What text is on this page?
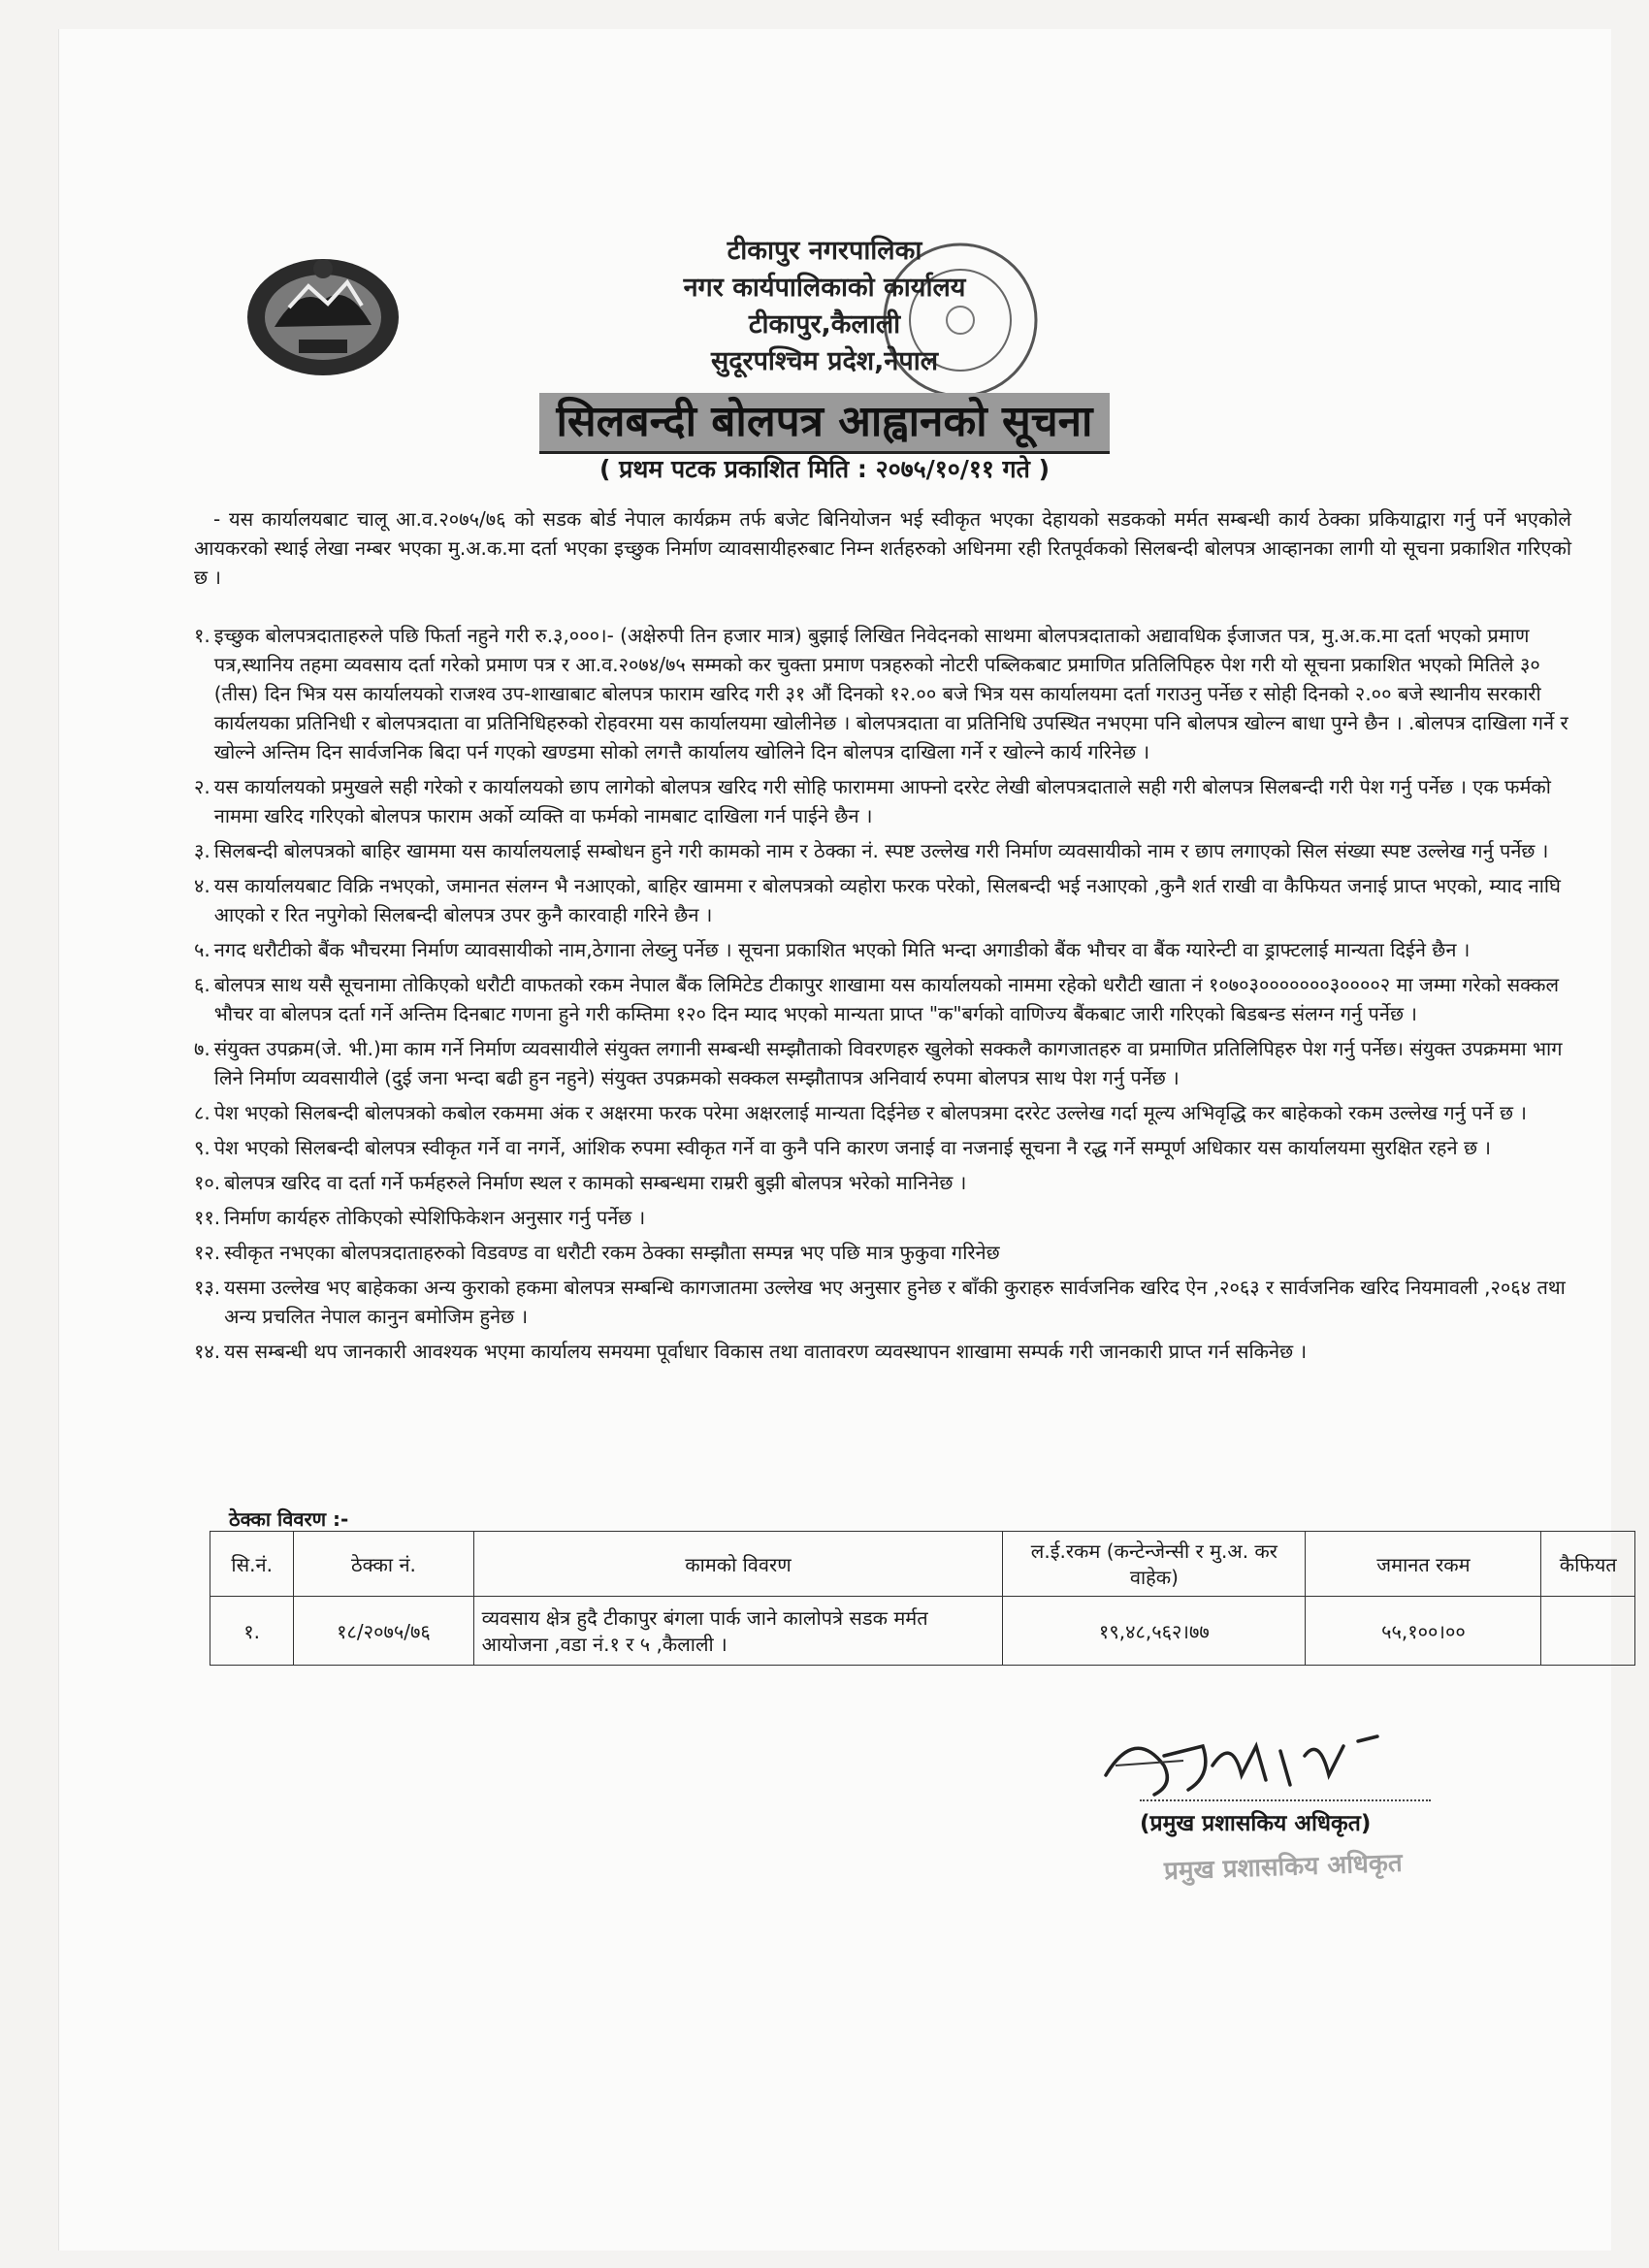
टीकापुर नगरपालिका
नगर कार्यपालिकाको कार्यालय
टीकापुर,कैलाली
सुदूरपश्चिम प्रदेश,नेपाल
सिलबन्दी बोलपत्र आह्वानको सूचना
( प्रथम पटक प्रकाशित मिति : २०७५/१०/११ गते )
- यस कार्यालयबाट चालू आ.व.२०७५/७६ को सडक बोर्ड नेपाल कार्यक्रम तर्फ बजेट बिनियोजन भई स्वीकृत भएका देहायको सडकको मर्मत सम्बन्धी कार्य ठेक्का प्रकियाद्वारा गर्नु पर्ने भएकोले आयकरको स्थाई लेखा नम्बर भएका मु.अ.क.मा दर्ता भएका इच्छुक निर्माण व्यावसायीहरुबाट निम्न शर्तहरुको अधिनमा रही रितपूर्वकको सिलबन्दी बोलपत्र आव्हानका लागी यो सूचना प्रकाशित गरिएको छ ।
१. इच्छुक बोलपत्रदाताहरुले पछि फिर्ता नहुने गरी रु.३,०००।- (अक्षेरुपी तिन हजार मात्र) बुझाई लिखित निवेदनको साथमा बोलपत्रदाताको अद्यावधिक ईजाजत पत्र, मु.अ.क.मा दर्ता भएको प्रमाण पत्र,स्थानिय तहमा व्यवसाय दर्ता गरेको प्रमाण पत्र र आ.व.२०७४/७५ सम्मको कर चुक्ता प्रमाण पत्रहरुको नोटरी पब्लिकबाट प्रमाणित प्रतिलिपिहरु पेश गरी यो सूचना प्रकाशित भएको मितिले ३० (तीस) दिन भित्र यस कार्यालयको राजश्व उप-शाखाबाट बोलपत्र फाराम खरिद गरी ३१ औं दिनको १२.०० बजे भित्र यस कार्यालयमा दर्ता गराउनु पर्नेछ र सोही दिनको २.०० बजे स्थानीय सरकारी कार्यलयका प्रतिनिधी र बोलपत्रदाता वा प्रतिनिधिहरुको रोहवरमा यस कार्यालयमा खोलीनेछ । बोलपत्रदाता वा प्रतिनिधि उपस्थित नभएमा पनि बोलपत्र खोल्न बाधा पुग्ने छैन । .बोलपत्र दाखिला गर्ने र खोल्ने अन्तिम दिन सार्वजनिक बिदा पर्न गएको खण्डमा सोको लगत्तै कार्यालय खोलिने दिन बोलपत्र दाखिला गर्ने र खोल्ने कार्य गरिनेछ ।
२. यस कार्यालयको प्रमुखले सही गरेको र कार्यालयको छाप लागेको बोलपत्र खरिद गरी सोहि फाराममा आफ्नो दररेट लेखी बोलपत्रदाताले सही गरी बोलपत्र सिलबन्दी गरी पेश गर्नु पर्नेछ । एक फर्मको नाममा खरिद गरिएको बोलपत्र फाराम अर्को व्यक्ति वा फर्मको नामबाट दाखिला गर्न पाईने छैन ।
३. सिलबन्दी बोलपत्रको बाहिर खाममा यस कार्यालयलाई सम्बोधन हुने गरी कामको नाम र ठेक्का नं. स्पष्ट उल्लेख गरी निर्माण व्यवसायीको नाम र छाप लगाएको सिल संख्या स्पष्ट उल्लेख गर्नु पर्नेछ ।
४. यस कार्यालयबाट विक्रि नभएको, जमानत संलग्न भै नआएको, बाहिर खाममा र बोलपत्रको व्यहोरा फरक परेको, सिलबन्दी भई नआएको ,कुनै शर्त राखी वा कैफियत जनाई प्राप्त भएको, म्याद नाघि आएको र रित नपुगेको सिलबन्दी बोलपत्र उपर कुनै कारवाही गरिने छैन ।
५. नगद धरौटीको बैंक भौचरमा निर्माण व्यावसायीको नाम,ठेगाना लेख्नु पर्नेछ । सूचना प्रकाशित भएको मिति भन्दा अगाडीको बैंक भौचर वा बैंक ग्यारेन्टी वा ड्राफ्टलाई मान्यता दिईने छैन ।
६. बोलपत्र साथ यसै सूचनामा तोकिएको धरौटी वाफतको रकम नेपाल बैंक लिमिटेड टीकापुर शाखामा यस कार्यालयको नाममा रहेको धरौटी खाता नं १०७०३०००००००३००००२ मा जम्मा गरेको सक्कल भौचर वा बोलपत्र दर्ता गर्ने अन्तिम दिनबाट गणना हुने गरी कम्तिमा १२० दिन म्याद भएको मान्यता प्राप्त "क"बर्गको वाणिज्य बैंकबाट जारी गरिएको बिडबन्ड संलग्न गर्नु पर्नेछ ।
७. संयुक्त उपक्रम(जे. भी.)मा काम गर्ने निर्माण व्यवसायीले संयुक्त लगानी सम्बन्धी सम्झौताको विवरणहरु खुलेको सक्कलै कागजातहरु वा प्रमाणित प्रतिलिपिहरु पेश गर्नु पर्नेछ। संयुक्त उपक्रममा भाग लिने निर्माण व्यवसायीले (दुई जना भन्दा बढी हुन नहुने) संयुक्त उपक्रमको सक्कल सम्झौतापत्र अनिवार्य रुपमा बोलपत्र साथ पेश गर्नु पर्नेछ ।
८. पेश भएको सिलबन्दी बोलपत्रको कबोल रकममा अंक र अक्षरमा फरक परेमा अक्षरलाई मान्यता दिईनेछ र बोलपत्रमा दररेट उल्लेख गर्दा मूल्य अभिवृद्धि कर बाहेकको रकम उल्लेख गर्नु पर्ने छ ।
९. पेश भएको सिलबन्दी बोलपत्र स्वीकृत गर्ने वा नगर्ने, आंशिक रुपमा स्वीकृत गर्ने वा कुनै पनि कारण जनाई वा नजनाई सूचना नै रद्ध गर्ने सम्पूर्ण अधिकार यस कार्यालयमा सुरक्षित रहने छ ।
१०. बोलपत्र खरिद वा दर्ता गर्ने फर्महरुले निर्माण स्थल र कामको सम्बन्धमा राम्ररी बुझी बोलपत्र भरेको मानिनेछ ।
११. निर्माण कार्यहरु तोकिएको स्पेशिफिकेशन अनुसार गर्नु पर्नेछ ।
१२. स्वीकृत नभएका बोलपत्रदाताहरुको विडवण्ड वा धरौटी रकम ठेक्का सम्झौता सम्पन्न भए पछि मात्र फुकुवा गरिनेछ
१३. यसमा उल्लेख भए बाहेकका अन्य कुराको हकमा बोलपत्र सम्बन्धि कागजातमा उल्लेख भए अनुसार हुनेछ र बाँकी कुराहरु सार्वजनिक खरिद ऐन ,२०६३ र सार्वजनिक खरिद नियमावली ,२०६४ तथा अन्य प्रचलित नेपाल कानुन बमोजिम हुनेछ ।
१४. यस सम्बन्धी थप जानकारी आवश्यक भएमा कार्यालय समयमा पूर्वाधार विकास तथा वातावरण व्यवस्थापन शाखामा सम्पर्क गरी जानकारी प्राप्त गर्न सकिनेछ ।
ठेक्का विवरण :-
सि.नं.	ठेक्का नं.	कामको विवरण	ल.ई.रकम (कन्टेन्जेन्सी र मु.अ. कर वाहेक)	जमानत रकम	कैफियत
१.	१८/२०७५/७६	व्यवसाय क्षेत्र हुदै टीकापुर बंगला पार्क जाने कालोपत्रे सडक मर्मत आयोजना ,वडा नं.१ र ५ ,कैलाली ।	१९,४८,५६२।७७	५५,१००।००	
(प्रमुख प्रशासकिय अधिकृत)
प्रमुख प्रशासकिय अधिकृत
